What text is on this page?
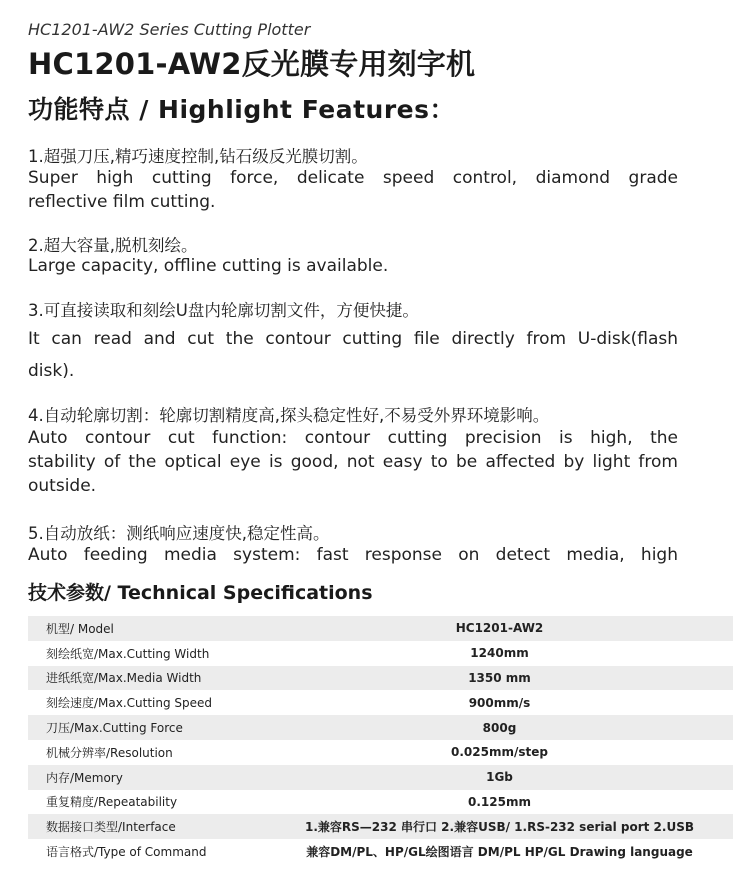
HC1201-AW2 Series Cutting Plotter
HC1201-AW2反光膜专用刻字机
功能特点 / Highlight Features：
1.超强刀压,精巧速度控制,钻石级反光膜切割。
Super high cutting force, delicate speed control, diamond grade
reflective film cutting.
2.超大容量,脱机刻绘。
Large capacity, offline cutting is available.
3.可直接读取和刻绘U盘内轮廓切割文件，方便快捷。
It can read and cut the contour cutting file directly from U-disk(flash
disk).
4.自动轮廓切割：轮廓切割精度高,探头稳定性好,不易受外界环境影响。
Auto contour cut function: contour cutting precision is high, the
stability of the optical eye is good, not easy to be affected by light from
outside.
5.自动放纸：测纸响应速度快,稳定性高。
Auto feeding media system: fast response on detect media, high
技术参数/ Technical Specifications
机型/ Model	HC1201-AW2
刻绘纸宽/Max.Cutting Width	1240mm
进纸纸宽/Max.Media Width	1350 mm
刻绘速度/Max.Cutting Speed	900mm/s
刀压/Max.Cutting Force	800g
机械分辨率/Resolution	0.025mm/step
内存/Memory	1Gb
重复精度/Repeatability	0.125mm
数据接口类型/Interface	1.兼容RS—232 串行口 2.兼容USB/ 1.RS-232 serial port 2.USB
语言格式/Type of Command	兼容DM/PL、HP/GL绘图语言 DM/PL HP/GL Drawing language
